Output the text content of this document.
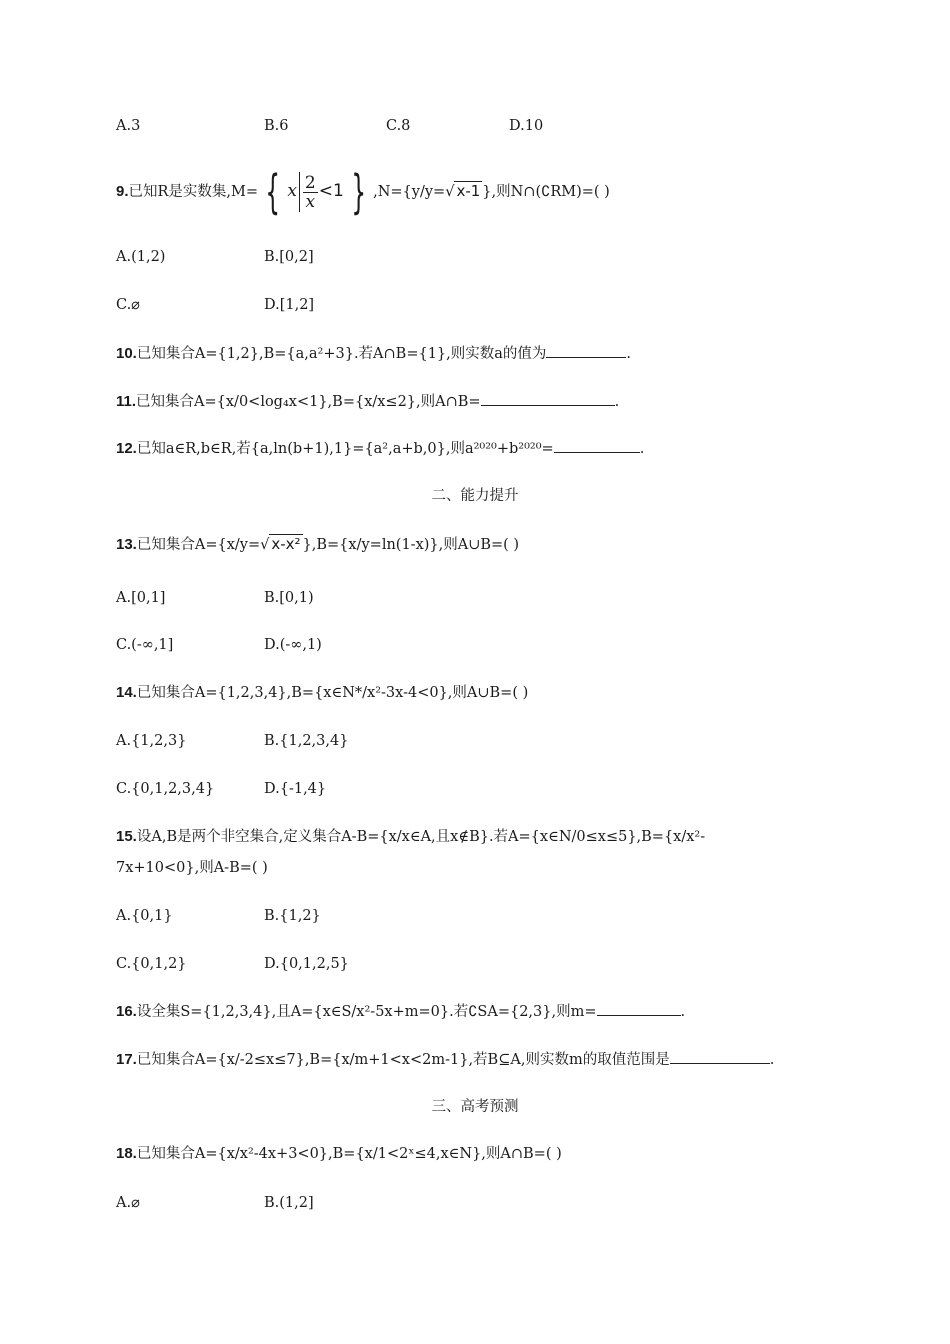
A.3	B.6	C.8	D.10
9.已知R是实数集,M= { x $\frac{2}{x} <1$ } ,N={y/y=√ x-1 },则N∩(∁RM)=( )
A.(1,2)	B.[0,2]
C.⌀	D.[1,2]
10.已知集合A={1,2},B={a,a²+3}.若A∩B={1},则实数a的值为	.
11.已知集合A={x/0<log₄x<1},B={x/x≤2},则A∩B=	.
12.已知a∈R,b∈R,若{a,ln(b+1),1}={a²,a+b,0},则a²⁰²⁰+b²⁰²⁰=	.
二、能力提升
13.已知集合A={x/y=√ x-x² },B={x/y=ln(1-x)},则A∪B=( )
A.[0,1]	B.[0,1)
C.(-∞,1]	D.(-∞,1)
14.已知集合A={1,2,3,4},B={x∈N*/x²-3x-4<0},则A∪B=( )
A.{1,2,3}	B.{1,2,3,4}
C.{0,1,2,3,4}	D.{-1,4}
15.设A,B是两个非空集合,定义集合A-B={x/x∈A,且x∉B}.若A={x∈N/0≤x≤5},B={x/x²-
7x+10<0},则A-B=( )
A.{0,1}	B.{1,2}
C.{0,1,2}	D.{0,1,2,5}
16.设全集S={1,2,3,4},且A={x∈S/x²-5x+m=0}.若∁SA={2,3},则m=	.
17.已知集合A={x/-2≤x≤7},B={x/m+1<x<2m-1},若B⊆A,则实数m的取值范围是	.
三、高考预测
18.已知集合A={x/x²-4x+3<0},B={x/1<2ˣ≤4,x∈N},则A∩B=( )
A.⌀	B.(1,2]
